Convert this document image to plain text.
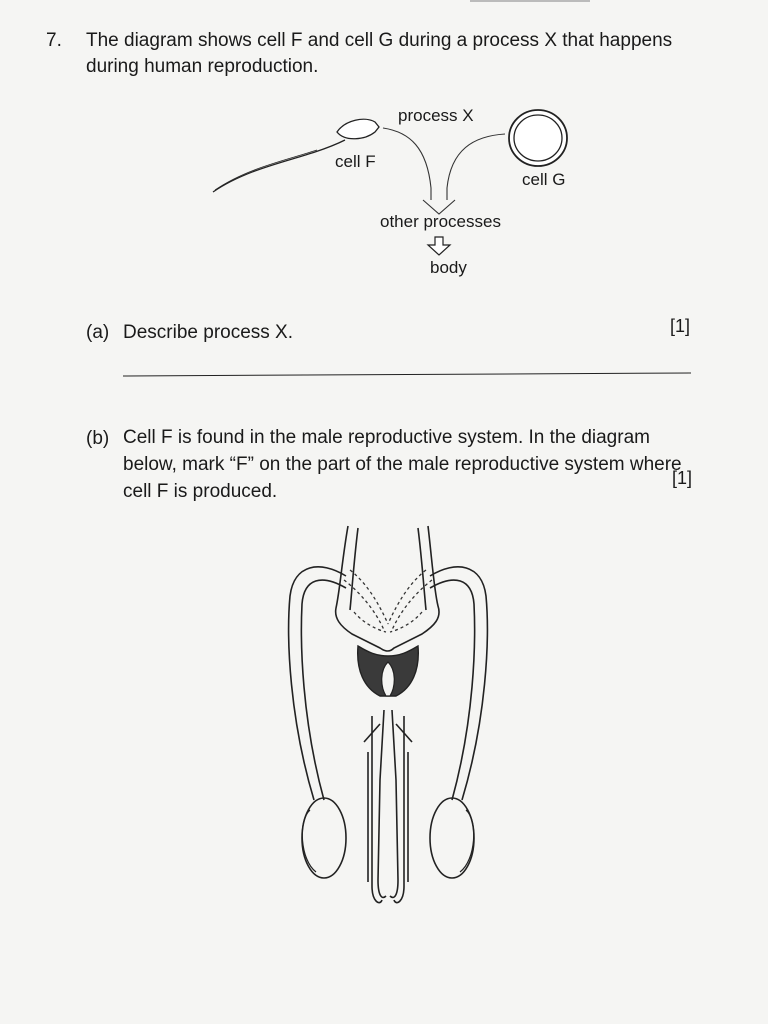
7. The diagram shows cell F and cell G during a process X that happens during human reproduction.
process X
cell F
cell G
other processes
body
(a) Describe process X.	[1]
(b) Cell F is found in the male reproductive system. In the diagram below, mark “F” on the part of the male reproductive system where cell F is produced.
[1]
